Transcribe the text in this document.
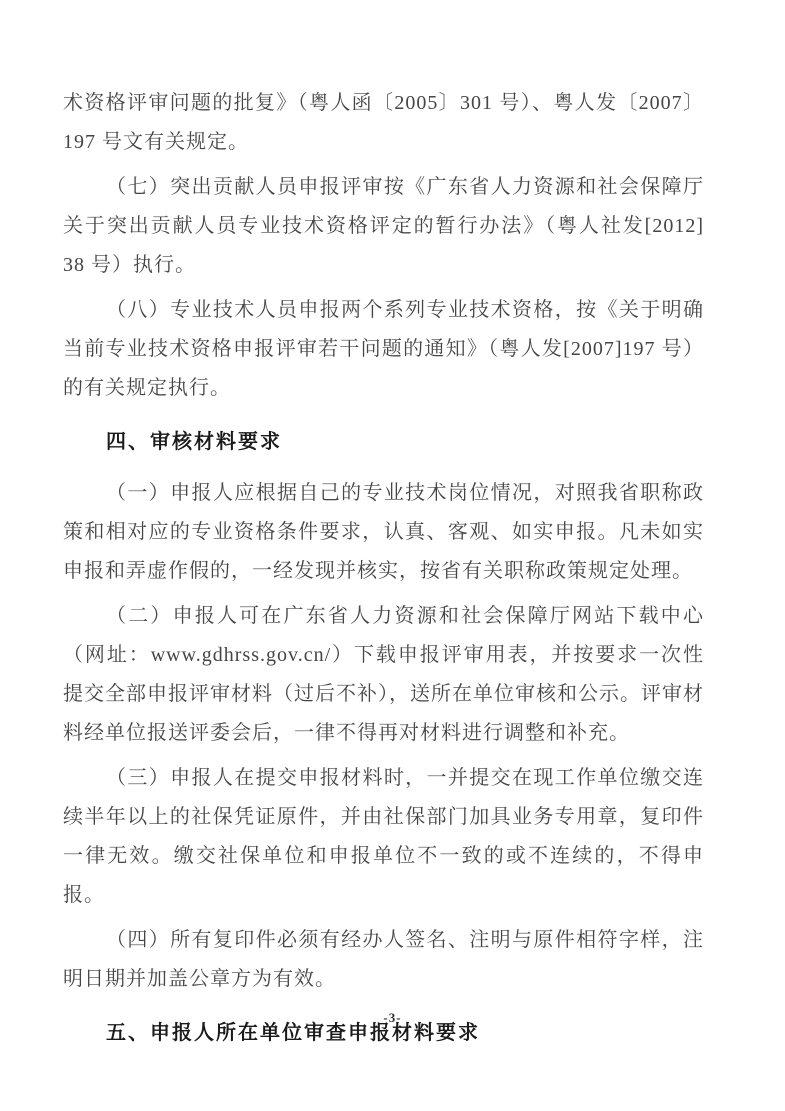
术资格评审问题的批复》（粤人函〔2005〕301 号）、粤人发〔2007〕197 号文有关规定。

（七）突出贡献人员申报评审按《广东省人力资源和社会保障厅关于突出贡献人员专业技术资格评定的暂行办法》（粤人社发[2012] 38 号）执行。

（八）专业技术人员申报两个系列专业技术资格，按《关于明确当前专业技术资格申报评审若干问题的通知》（粤人发[2007]197 号）的有关规定执行。

四、审核材料要求

（一）申报人应根据自己的专业技术岗位情况，对照我省职称政策和相对应的专业资格条件要求，认真、客观、如实申报。凡未如实申报和弄虚作假的，一经发现并核实，按省有关职称政策规定处理。

（二）申报人可在广东省人力资源和社会保障厅网站下载中心（网址：www.gdhrss.gov.cn/）下载申报评审用表，并按要求一次性提交全部申报评审材料（过后不补），送所在单位审核和公示。评审材料经单位报送评委会后，一律不得再对材料进行调整和补充。

（三）申报人在提交申报材料时，一并提交在现工作单位缴交连续半年以上的社保凭证原件，并由社保部门加具业务专用章，复印件一律无效。缴交社保单位和申报单位不一致的或不连续的，不得申报。

（四）所有复印件必须有经办人签名、注明与原件相符字样，注明日期并加盖公章方为有效。

五、申报人所在单位审查申报材料要求
-3-
